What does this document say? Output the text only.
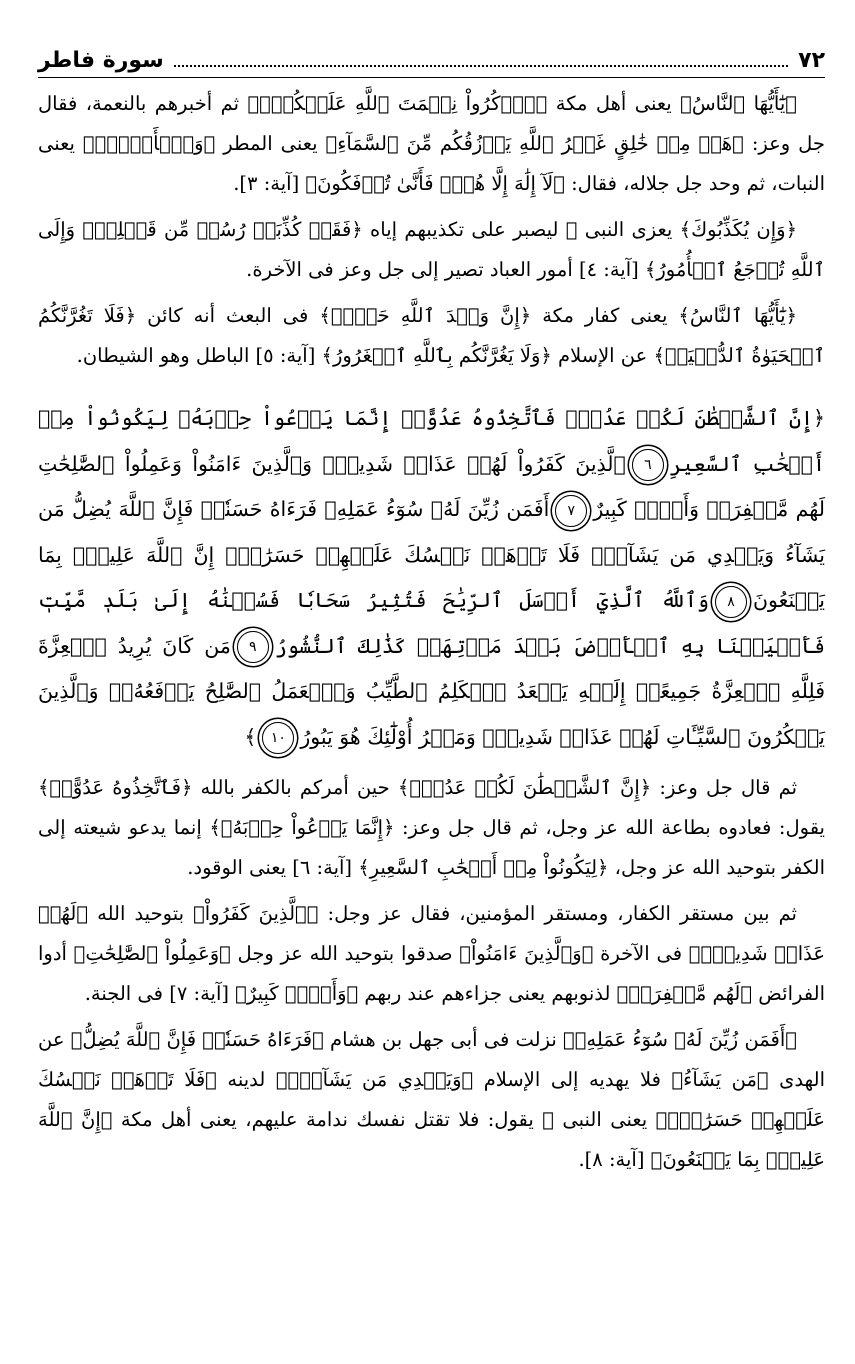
٧٢
سورة فاطر

﴿يَٰٓأَيُّهَا ٱلنَّاسُ﴾ يعنى أهل مكة ﴿ٱذۡكُرُواْ نِعۡمَتَ ٱللَّهِ عَلَيۡكُمۡۚ﴾ ثم أخبرهم بالنعمة، فقال جل وعز: ﴿هَلۡ مِنۡ خَٰلِقٍ غَيۡرُ ٱللَّهِ يَرۡزُقُكُم مِّنَ ٱلسَّمَآءِ﴾ يعنى المطر ﴿وَٱلۡأَرۡضِۚ﴾ يعنى النبات، ثم وحد جل جلاله، فقال: ﴿لَآ إِلَٰهَ إِلَّا هُوَۖ فَأَنَّىٰ تُؤۡفَكُونَ﴾ [آية: ٣].

﴿وَإِن يُكَذِّبُوكَ﴾ يعزى النبى ﷺ ليصبر على تكذيبهم إياه ﴿فَقَدۡ كُذِّبَتۡ رُسُلٞ مِّن قَبۡلِكَۚ وَإِلَى ٱللَّهِ تُرۡجَعُ ٱلۡأُمُورُ﴾ [آية: ٤] أمور العباد تصير إلى جل وعز فى الآخرة.

﴿يَٰٓأَيُّهَا ٱلنَّاسُ﴾ يعنى كفار مكة ﴿إِنَّ وَعۡدَ ٱللَّهِ حَقّٞۖ﴾ فى البعث أنه كائن ﴿فَلَا تَغُرَّنَّكُمُ ٱلۡحَيَوٰةُ ٱلدُّنۡيَاۖ﴾ عن الإسلام ﴿وَلَا يَغُرَّنَّكُم بِٱللَّهِ ٱلۡغَرُورُ﴾ [آية: ٥] الباطل وهو الشيطان.

﴿إِنَّ ٱلشَّيۡطَٰنَ لَكُمۡ عَدُوّٞ فَٱتَّخِذُوهُ عَدُوًّاۚ إِنَّمَا يَدۡعُواْ حِزۡبَهُۥ لِيَكُونُواْ مِنۡ أَصۡحَٰبِ ٱلسَّعِيرِ٦ٱلَّذِينَ كَفَرُواْ لَهُمۡ عَذَابٞ شَدِيدٞۖ وَٱلَّذِينَ ءَامَنُواْ وَعَمِلُواْ ٱلصَّٰلِحَٰتِ لَهُم مَّغۡفِرَةٞ وَأَجۡرٞ كَبِيرٌ٧أَفَمَن زُيِّنَ لَهُۥ سُوٓءُ عَمَلِهِۦ فَرَءَاهُ حَسَنٗاۖ فَإِنَّ ٱللَّهَ يُضِلُّ مَن يَشَآءُ وَيَهۡدِي مَن يَشَآءُۖ فَلَا تَذۡهَبۡ نَفۡسُكَ عَلَيۡهِمۡ حَسَرَٰتٍۚ إِنَّ ٱللَّهَ عَلِيمُۢ بِمَا يَصۡنَعُونَ٨وَٱللَّهُ ٱلَّذِيٓ أَرۡسَلَ ٱلرِّيَٰحَ فَتُثِيرُ سَحَابٗا فَسُقۡنَٰهُ إِلَىٰ بَلَدٖ مَّيِّتٖ فَأَحۡيَيۡنَا بِهِ ٱلۡأَرۡضَ بَعۡدَ مَوۡتِهَاۚ كَذَٰلِكَ ٱلنُّشُورُ٩مَن كَانَ يُرِيدُ ٱلۡعِزَّةَ فَلِلَّهِ ٱلۡعِزَّةُ جَمِيعًاۚ إِلَيۡهِ يَصۡعَدُ ٱلۡكَلِمُ ٱلطَّيِّبُ وَٱلۡعَمَلُ ٱلصَّٰلِحُ يَرۡفَعُهُۥۚ وَٱلَّذِينَ يَمۡكُرُونَ ٱلسَّيِّـَٔاتِ لَهُمۡ عَذَابٞ شَدِيدٞۖ وَمَكۡرُ أُوْلَٰٓئِكَ هُوَ يَبُورُ١٠﴾

ثم قال جل وعز: ﴿إِنَّ ٱلشَّيۡطَٰنَ لَكُمۡ عَدُوّٞ﴾ حين أمركم بالكفر بالله ﴿فَٱتَّخِذُوهُ عَدُوًّاۚ﴾ يقول: فعادوه بطاعة الله عز وجل، ثم قال جل وعز: ﴿إِنَّمَا يَدۡعُواْ حِزۡبَهُۥ﴾ إنما يدعو شيعته إلى الكفر بتوحيد الله عز وجل، ﴿لِيَكُونُواْ مِنۡ أَصۡحَٰبِ ٱلسَّعِيرِ﴾ [آية: ٦] يعنى الوقود.

ثم بين مستقر الكفار، ومستقر المؤمنين، فقال عز وجل: ﴿ٱلَّذِينَ كَفَرُواْ﴾ بتوحيد الله ﴿لَهُمۡ عَذَابٞ شَدِيدٞۖ﴾ فى الآخرة ﴿وَٱلَّذِينَ ءَامَنُواْ﴾ صدقوا بتوحيد الله عز وجل ﴿وَعَمِلُواْ ٱلصَّٰلِحَٰتِ﴾ أدوا الفرائض ﴿لَهُم مَّغۡفِرَةٞ﴾ لذنوبهم يعنى جزاءهم عند ربهم ﴿وَأَجۡرٞ كَبِيرٌ﴾ [آية: ٧] فى الجنة.

﴿أَفَمَن زُيِّنَ لَهُۥ سُوٓءُ عَمَلِهِۦ﴾ نزلت فى أبى جهل بن هشام ﴿فَرَءَاهُ حَسَنٗاۖ فَإِنَّ ٱللَّهَ يُضِلُّ﴾ عن الهدى ﴿مَن يَشَآءُ﴾ فلا يهديه إلى الإسلام ﴿وَيَهۡدِي مَن يَشَآءُۖ﴾ لدينه ﴿فَلَا تَذۡهَبۡ نَفۡسُكَ عَلَيۡهِمۡ حَسَرَٰتٍۚ﴾ يعنى النبى ﷺ يقول: فلا تقتل نفسك ندامة عليهم، يعنى أهل مكة ﴿إِنَّ ٱللَّهَ عَلِيمُۢ بِمَا يَصۡنَعُونَ﴾ [آية: ٨].
